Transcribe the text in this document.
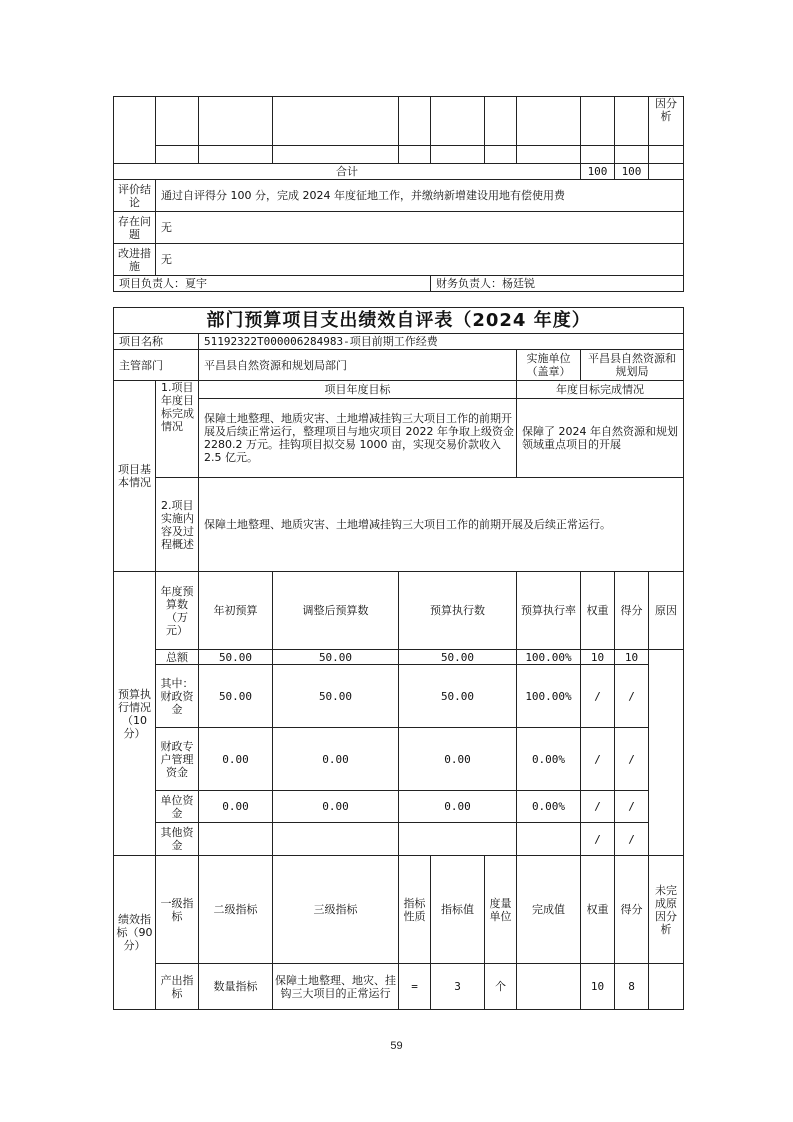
										因分析

合计								100	100	
评价结论	通过自评得分 100 分，完成 2024 年度征地工作，并缴纳新增建设用地有偿使用费									
存在问题	无									
改进措施	无									
项目负责人：夏宇					财务负责人：杨廷锐					
部门预算项目支出绩效自评表（2024 年度）										
项目名称		51192322T000006284983-项目前期工作经费								
主管部门		平昌县自然资源和规划局部门					实施单位（盖章）	平昌县自然资源和规划局		
项目基本情况	1.项目年度目标完成情况	项目年度目标					年度目标完成情况			
		保障土地整理、地质灾害、土地增减挂钩三大项目工作的前期开展及后续正常运行，整理项目与地灾项目 2022 年争取上级资金 2280.2 万元。挂钩项目拟交易 1000 亩，实现交易价款收入 2.5 亿元。					保障了 2024 年自然资源和规划领域重点项目的开展			
	2.项目实施内容及过程概述	保障土地整理、地质灾害、土地增减挂钩三大项目工作的前期开展及后续正常运行。								
预算执行情况（10分）	年度预算数（万元）	年初预算	调整后预算数	预算执行数			预算执行率	权重	得分	原因
	总额	50.00	50.00	50.00			100.00%	10	10	
	其中：财政资金	50.00	50.00	50.00			100.00%	/	/	
	财政专户管理资金	0.00	0.00	0.00			0.00%	/	/	
	单位资金	0.00	0.00	0.00			0.00%	/	/	
	其他资金							/	/	
绩效指标（90分）	一级指标	二级指标	三级指标	指标性质	指标值	度量单位	完成值	权重	得分	未完成原因分析
	产出指标	数量指标	保障土地整理、地灾、挂钩三大项目的正常运行	=	3	个		10	8	
59
